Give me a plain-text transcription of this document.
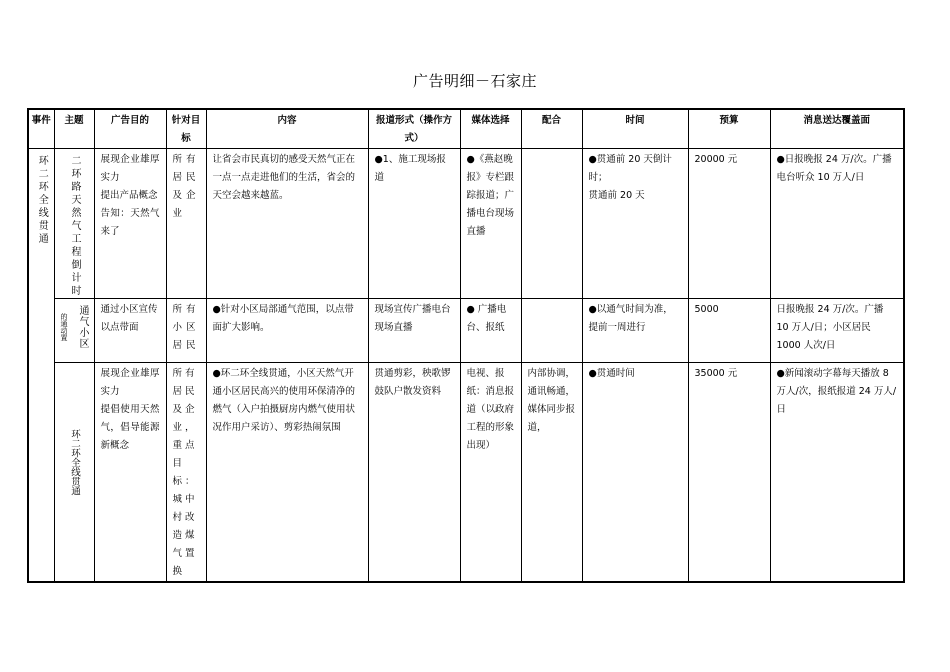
广告明细－石家庄
事件	主题	广告目的	针对目标	内容	报道形式（操作方式）	媒体选择	配合	时间	预算	消息送达覆盖面

环二环全线贯通	二环路天然气工程倒计时	展现企业雄厚实力
提出产品概念
告知：天然气来了	所有居民及企业	让省会市民真切的感受天然气正在一点一点走进他们的生活，省会的天空会越来越蓝。	●1、施工现场报道	●《燕赵晚报》专栏跟踪报道；广播电台现场直播		●贯通前 20 天倒计时；
贯通前 20 天	20000 元	●日报晚报 24 万/次。广播电台听众 10 万人/日

	的通动置 通气小区	通过小区宣传以点带面	所有小区居民	●针对小区局部通气范围，以点带面扩大影响。	现场宣传广播电台现场直播	● 广播电台、报纸		●以通气时间为准，提前一周进行	5000	日报晚报 24 万/次。广播 10 万人/日；小区居民 1000 人次/日

	环二环全线贯通	展现企业雄厚实力
提倡使用天然气，倡导能源新概念	所有居民及企业，重点目标：城中村改造煤气置换	●环二环全线贯通，小区天然气开通小区居民高兴的使用环保清净的燃气（入户拍摄厨房内燃气使用状况作用户采访）、剪彩热闹氛围	贯通剪彩，秧歌锣鼓队户散发资料	电视、报纸：消息报道（以政府工程的形象出现）	内部协调，通讯畅通，媒体同步报道，	●贯通时间	35000 元	●新闻滚动字幕每天播放 8 万人/次，报纸报道 24 万人/日
